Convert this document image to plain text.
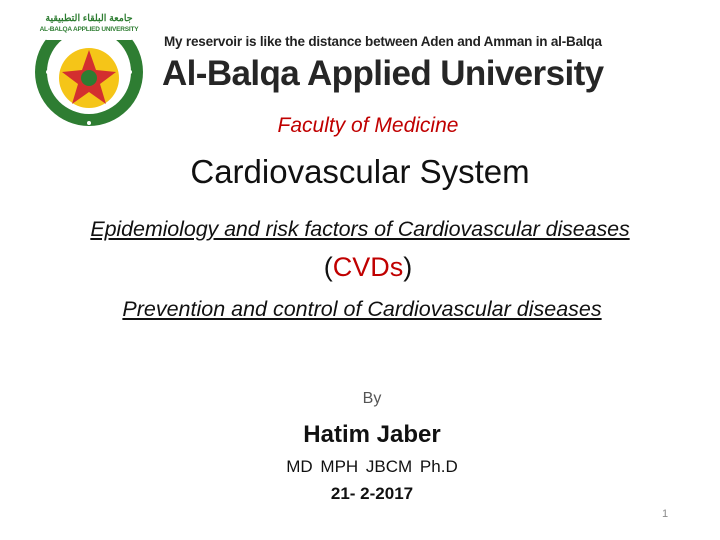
جامعة البلقاء التطبيقية
AL-BALQA APPLIED UNIVERSITY
My reservoir is like the distance between Aden and Amman in al-Balqa
Al-Balqa Applied University
Faculty of Medicine
Cardiovascular System
Epidemiology and risk factors of Cardiovascular diseases
(CVDs)
Prevention and control of Cardiovascular diseases
By
Hatim Jaber
MD MPH JBCM Ph.D
21- 2-2017
1
